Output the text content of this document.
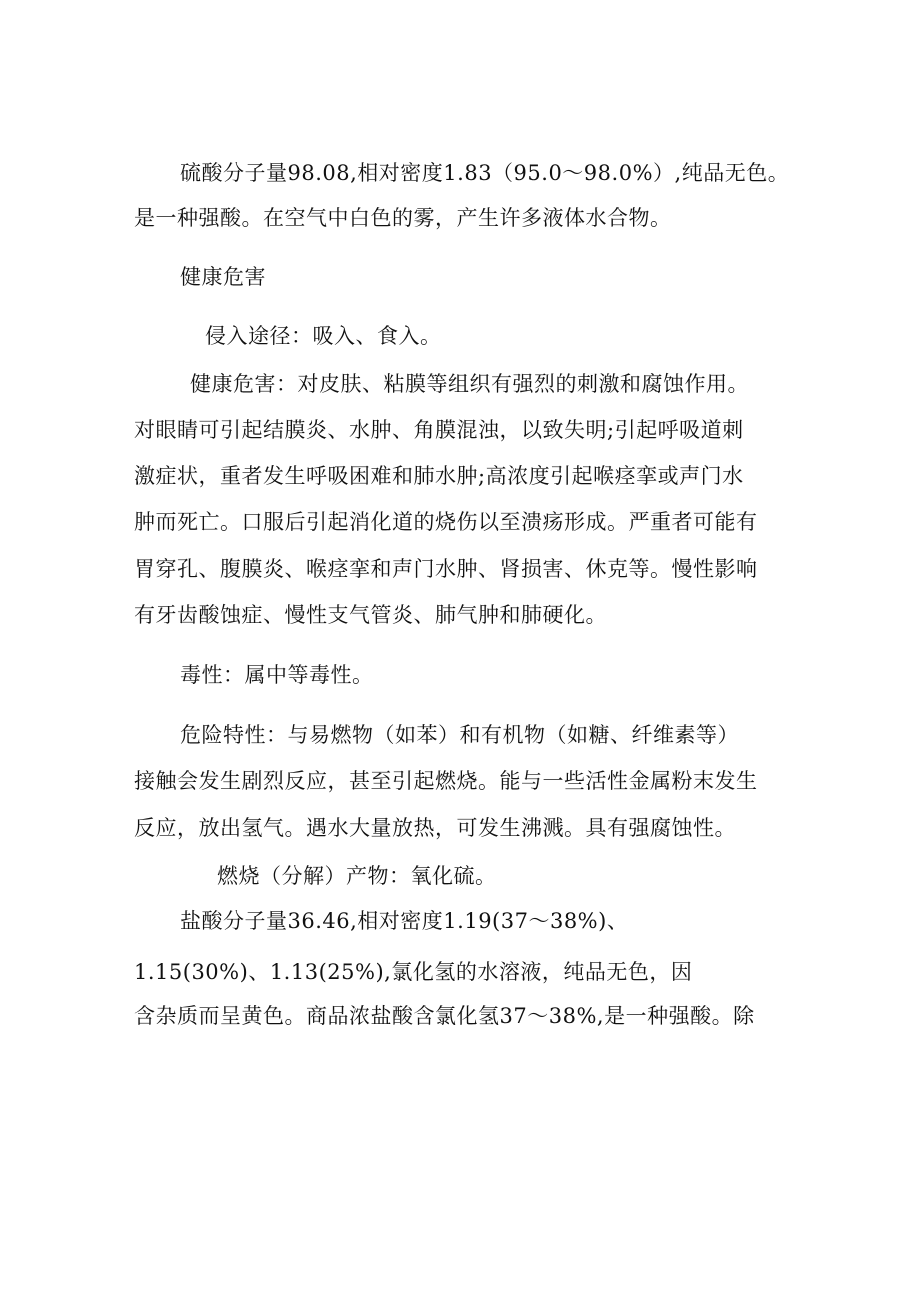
硫酸分子量98.08,相对密度1.83（95.0～98.0%）,纯品无色。
是一种强酸。在空气中白色的雾，产生许多液体水合物。
健康危害
侵入途径：吸入、食入。
健康危害：对皮肤、粘膜等组织有强烈的刺激和腐蚀作用。
对眼睛可引起结膜炎、水肿、角膜混浊，以致失明;引起呼吸道刺
激症状，重者发生呼吸困难和肺水肿;高浓度引起喉痉挛或声门水
肿而死亡。口服后引起消化道的烧伤以至溃疡形成。严重者可能有
胃穿孔、腹膜炎、喉痉挛和声门水肿、肾损害、休克等。慢性影响
有牙齿酸蚀症、慢性支气管炎、肺气肿和肺硬化。
毒性：属中等毒性。
危险特性：与易燃物（如苯）和有机物（如糖、纤维素等）
接触会发生剧烈反应，甚至引起燃烧。能与一些活性金属粉末发生
反应，放出氢气。遇水大量放热，可发生沸溅。具有强腐蚀性。
燃烧（分解）产物：氧化硫。
盐酸分子量36.46,相对密度1.19(37～38%)、
1.15(30%)、1.13(25%),氯化氢的水溶液，纯品无色，因
含杂质而呈黄色。商品浓盐酸含氯化氢37～38%,是一种强酸。除
